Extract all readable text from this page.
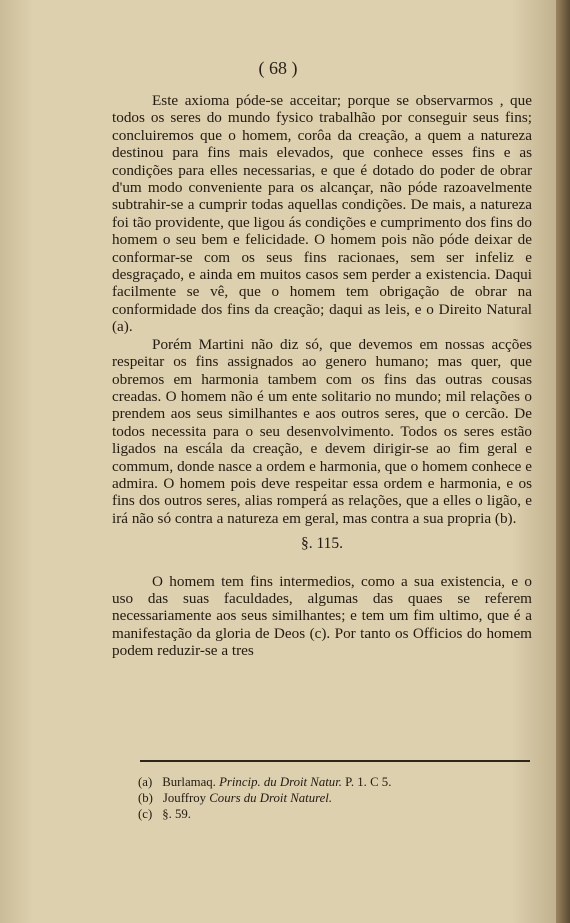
( 68 )

Este axioma póde-se acceitar; porque se observarmos , que todos os seres do mundo fysico trabalhão por conseguir seus fins; concluiremos que o homem, corôa da creação, a quem a natureza destinou para fins mais elevados, que conhece esses fins e as condições para elles necessarias, e que é dotado do poder de obrar d'um modo conveniente para os alcançar, não póde razoavelmente subtrahir-se a cumprir todas aquellas condições. De mais, a natureza foi tão providente, que ligou ás condições e cumprimento dos fins do homem o seu bem e felicidade. O homem pois não póde deixar de conformar-se com os seus fins racionaes, sem ser infeliz e desgraçado, e ainda em muitos casos sem perder a existencia. Daqui facilmente se vê, que o homem tem obrigação de obrar na conformidade dos fins da creação; daqui as leis, e o Direito Natural (a).

Porém Martini não diz só, que devemos em nossas acções respeitar os fins assignados ao genero humano; mas quer, que obremos em harmonia tambem com os fins das outras cousas creadas. O homem não é um ente solitario no mundo; mil relações o prendem aos seus similhantes e aos outros seres, que o cercão. De todos necessita para o seu desenvolvimento. Todos os seres estão ligados na escála da creação, e devem dirigir-se ao fim geral e commum, donde nasce a ordem e harmonia, que o homem conhece e admira. O homem pois deve respeitar essa ordem e harmonia, e os fins dos outros seres, alias romperá as relações, que a elles o ligão, e irá não só contra a natureza em geral, mas contra a sua propria (b).

§. 115.

O homem tem fins intermedios, como a sua existencia, e o uso das suas faculdades, algumas das quaes se referem necessariamente aos seus similhantes; e tem um fim ultimo, que é a manifestação da gloria de Deos (c). Por tanto os Officios do homem podem reduzir-se a tres

(a) Burlamaq. Princip. du Droit Natur. P. 1. C 5.
(b) Jouffroy Cours du Droit Naturel.
(c) §. 59.
